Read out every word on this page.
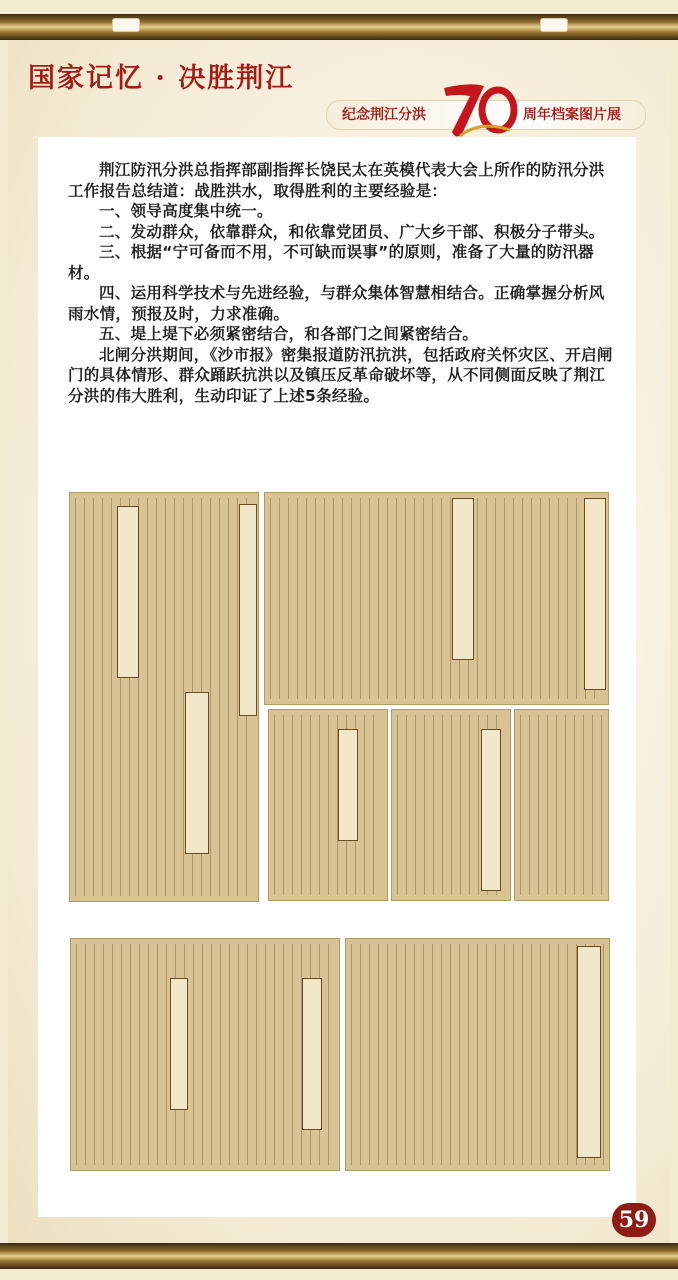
国家记忆 · 决胜荆江
纪念荆江分洪	周年档案图片展

荆江防汛分洪总指挥部副指挥长饶民太在英模代表大会上所作的防汛分洪工作报告总结道：战胜洪水，取得胜利的主要经验是：

一、领导高度集中统一。

二、发动群众，依靠群众，和依靠党团员、广大乡干部、积极分子带头。

三、根据“宁可备而不用，不可缺而误事”的原则，准备了大量的防汛器材。

四、运用科学技术与先进经验，与群众集体智慧相结合。正确掌握分析风雨水情，预报及时，力求准确。

五、堤上堤下必须紧密结合，和各部门之间紧密结合。

北闸分洪期间，《沙市报》密集报道防汛抗洪，包括政府关怀灾区、开启闸门的具体情形、群众踊跃抗洪以及镇压反革命破坏等，从不同侧面反映了荆江分洪的伟大胜利，生动印证了上述5条经验。

59
